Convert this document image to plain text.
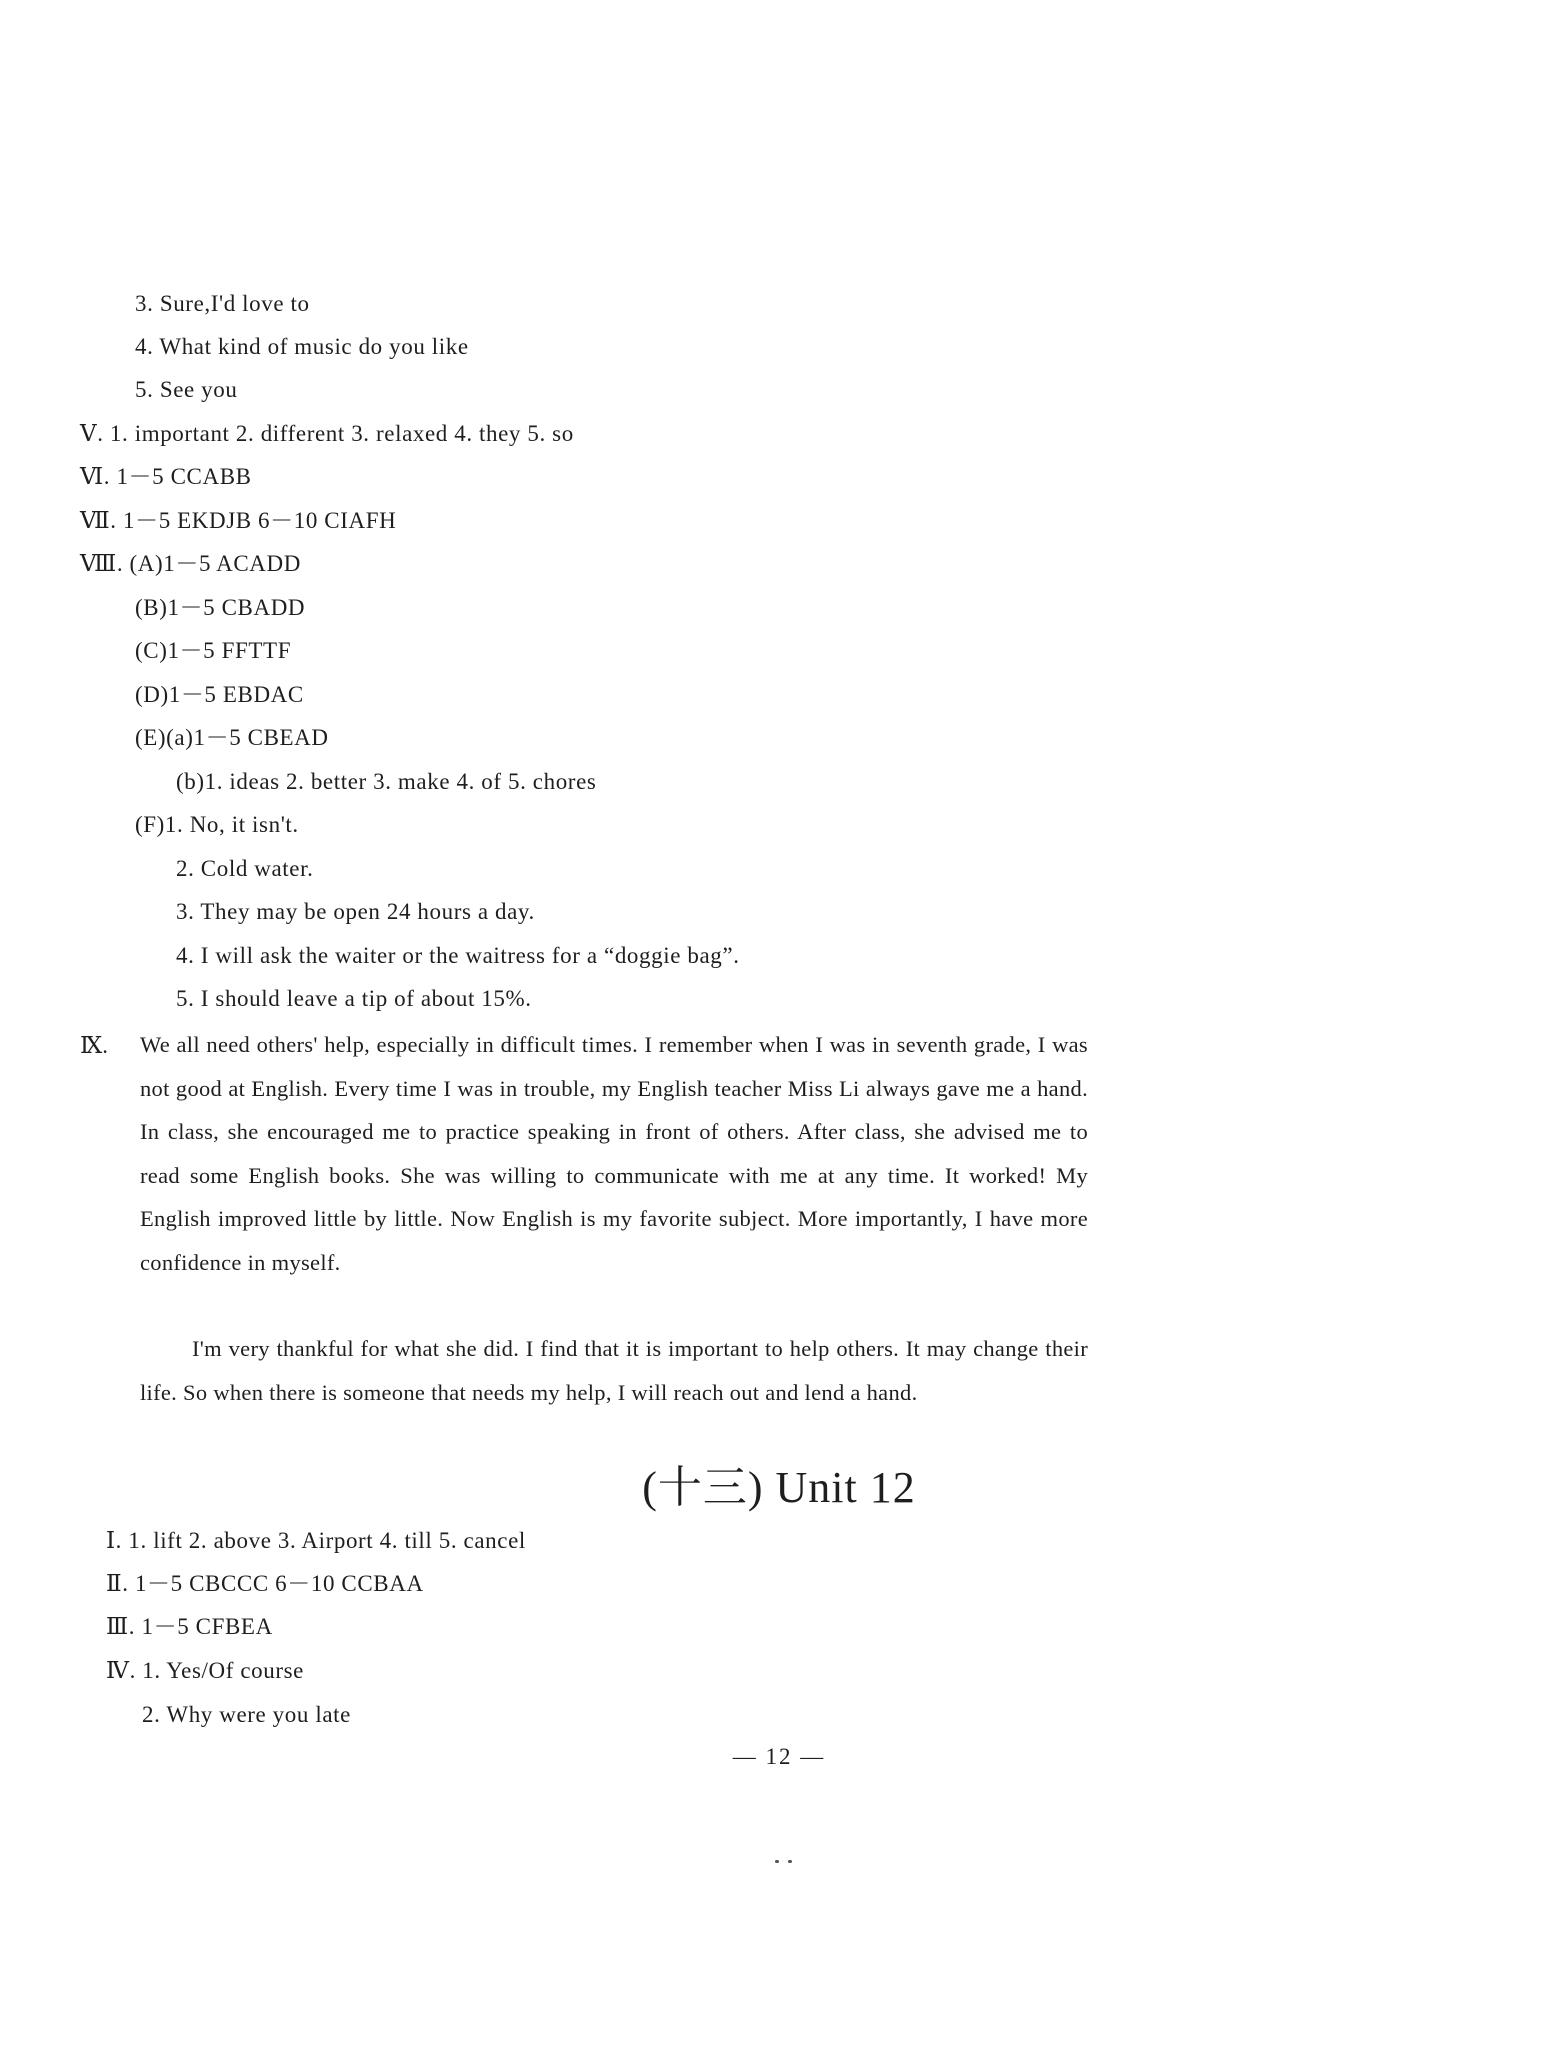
3. Sure,I'd love to
4. What kind of music do you like
5. See you
Ⅴ. 1. important 2. different 3. relaxed 4. they 5. so
Ⅵ. 1－5 CCABB
Ⅶ. 1－5 EKDJB 6－10 CIAFH
Ⅷ. (A)1－5 ACADD
(B)1－5 CBADD
(C)1－5 FFTTF
(D)1－5 EBDAC
(E)(a)1－5 CBEAD
(b)1. ideas 2. better 3. make 4. of 5. chores
(F)1. No, it isn't.
2. Cold water.
3. They may be open 24 hours a day.
4. I will ask the waiter or the waitress for a “doggie bag”.
5. I should leave a tip of about 15%.
Ⅸ. We all need others' help, especially in difficult times. I remember when I was in seventh grade, I was not good at English. Every time I was in trouble, my English teacher Miss Li always gave me a hand. In class, she encouraged me to practice speaking in front of others. After class, she advised me to read some English books. She was willing to communicate with me at any time. It worked! My English improved little by little. Now English is my favorite subject. More importantly, I have more confidence in myself.
I'm very thankful for what she did. I find that it is important to help others. It may change their life. So when there is someone that needs my help, I will reach out and lend a hand.
(十三) Unit 12
Ⅰ. 1. lift 2. above 3. Airport 4. till 5. cancel
Ⅱ. 1－5 CBCCC 6－10 CCBAA
Ⅲ. 1－5 CFBEA
Ⅳ. 1. Yes/Of course
2. Why were you late
— 12 —
